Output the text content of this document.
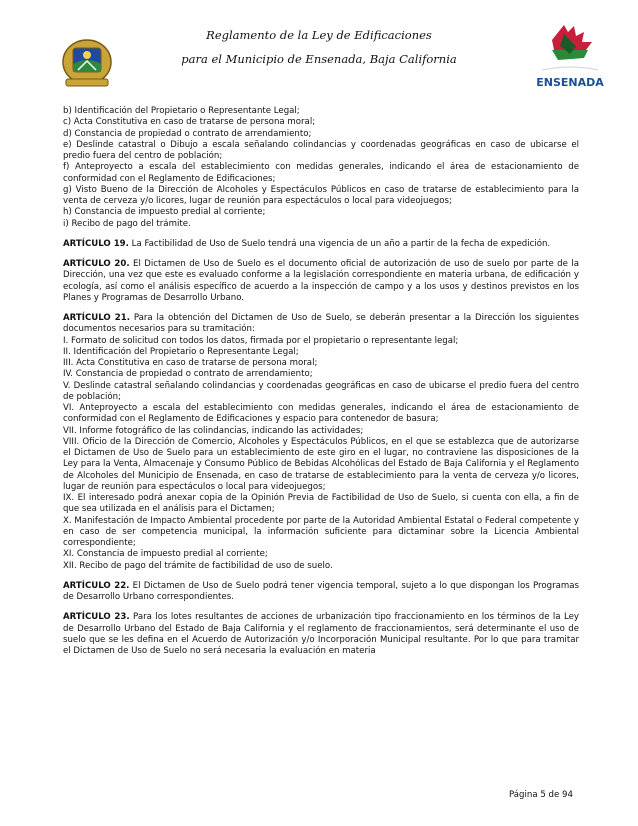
ENSENADA
Reglamento de la Ley de Edificaciones
para el Municipio de Ensenada, Baja California

b) Identificación del Propietario o Representante Legal;

c) Acta Constitutiva en caso de tratarse de persona moral;

d) Constancia de propiedad o contrato de arrendamiento;

e) Deslinde catastral o Dibujo a escala señalando colindancias y coordenadas geográficas en caso de ubicarse el predio fuera del centro de población;

f) Anteproyecto a escala del establecimiento con medidas generales, indicando el área de estacionamiento de conformidad con el Reglamento de Edificaciones;

g) Visto Bueno de la Dirección de Alcoholes y Espectáculos Públicos en caso de tratarse de establecimiento para la venta de cerveza y/o licores, lugar de reunión para espectáculos o local para videojuegos;

h) Constancia de impuesto predial al corriente;

i) Recibo de pago del trámite.

ARTÍCULO 19. La Factibilidad de Uso de Suelo tendrá una vigencia de un año a partir de la fecha de expedición.

ARTÍCULO 20. El Dictamen de Uso de Suelo es el documento oficial de autorización de uso de suelo por parte de la Dirección, una vez que este es evaluado conforme a la legislación correspondiente en materia urbana, de edificación y ecología, así como el análisis específico de acuerdo a la inspección de campo y a los usos y destinos previstos en los Planes y Programas de Desarrollo Urbano.

ARTÍCULO 21. Para la obtención del Dictamen de Uso de Suelo, se deberán presentar a la Dirección los siguientes documentos necesarios para su tramitación:

I. Formato de solicitud con todos los datos, firmada por el propietario o representante legal;

II. Identificación del Propietario o Representante Legal;

III. Acta Constitutiva en caso de tratarse de persona moral;

IV. Constancia de propiedad o contrato de arrendamiento;

V. Deslinde catastral señalando colindancias y coordenadas geográficas en caso de ubicarse el predio fuera del centro de población;

VI. Anteproyecto a escala del establecimiento con medidas generales, indicando el área de estacionamiento de conformidad con el Reglamento de Edificaciones y espacio para contenedor de basura;

VII. Informe fotográfico de las colindancias, indicando las actividades;

VIII. Oficio de la Dirección de Comercio, Alcoholes y Espectáculos Públicos, en el que se establezca que de autorizarse el Dictamen de Uso de Suelo para un establecimiento de este giro en el lugar, no contraviene las disposiciones de la Ley para la Venta, Almacenaje y Consumo Público de Bebidas Alcohólicas del Estado de Baja California y el Reglamento de Alcoholes del Municipio de Ensenada, en caso de tratarse de establecimiento para la venta de cerveza y/o licores, lugar de reunión para espectáculos o local para videojuegos;

IX. El interesado podrá anexar copia de la Opinión Previa de Factibilidad de Uso de Suelo, si cuenta con ella, a fin de que sea utilizada en el análisis para el Dictamen;

X. Manifestación de Impacto Ambiental procedente por parte de la Autoridad Ambiental Estatal o Federal competente y en caso de ser competencia municipal, la información suficiente para dictaminar sobre la Licencia Ambiental correspondiente;

XI. Constancia de impuesto predial al corriente;

XII. Recibo de pago del trámite de factibilidad de uso de suelo.

ARTÍCULO 22. El Dictamen de Uso de Suelo podrá tener vigencia temporal, sujeto a lo que dispongan los Programas de Desarrollo Urbano correspondientes.

ARTÍCULO 23. Para los lotes resultantes de acciones de urbanización tipo fraccionamiento en los términos de la Ley de Desarrollo Urbano del Estado de Baja California y el reglamento de fraccionamientos, será determinante el uso de suelo que se les defina en el Acuerdo de Autorización y/o Incorporación Municipal resultante. Por lo que para tramitar el Dictamen de Uso de Suelo no será necesaria la evaluación en materia

Página 5 de 94
